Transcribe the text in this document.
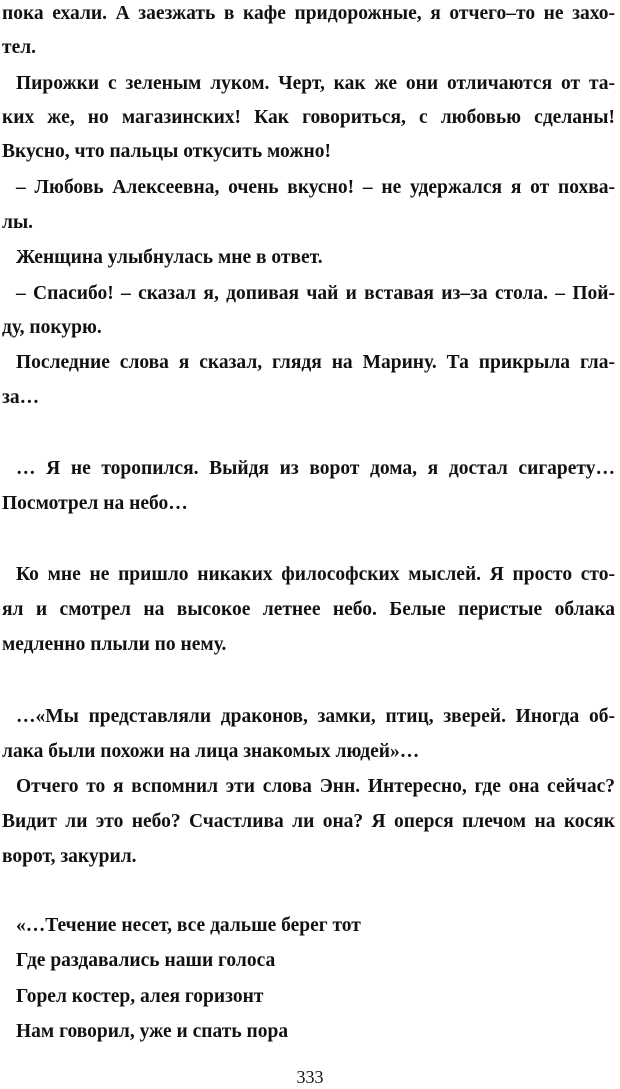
пока ехали. А заезжать в кафе придорожные, я отчего–то не захо-

тел.

Пирожки с зеленым луком. Черт, как же они отличаются от та-

ких же, но магазинских! Как говориться, с любовью сделаны!

Вкусно, что пальцы откусить можно!

– Любовь Алексеевна, очень вкусно! – не удержался я от похва-

лы.

Женщина улыбнулась мне в ответ.

– Спасибо! – сказал я, допивая чай и вставая из–за стола. – Пой-

ду, покурю.

Последние слова я сказал, глядя на Марину. Та прикрыла гла-

за…

… Я не торопился. Выйдя из ворот дома, я достал сигарету…

Посмотрел на небо…

Ко мне не пришло никаких философских мыслей. Я просто сто-

ял и смотрел на высокое летнее небо. Белые перистые облака

медленно плыли по нему.

…«Мы представляли драконов, замки, птиц, зверей. Иногда об-

лака были похожи на лица знакомых людей»…

Отчего то я вспомнил эти слова Энн. Интересно, где она сейчас?

Видит ли это небо? Счастлива ли она? Я оперся плечом на косяк

ворот, закурил.

«…Течение несет, все дальше берег тот

Где раздавались наши голоса

Горел костер, алея горизонт

Нам говорил, уже и спать пора

333
